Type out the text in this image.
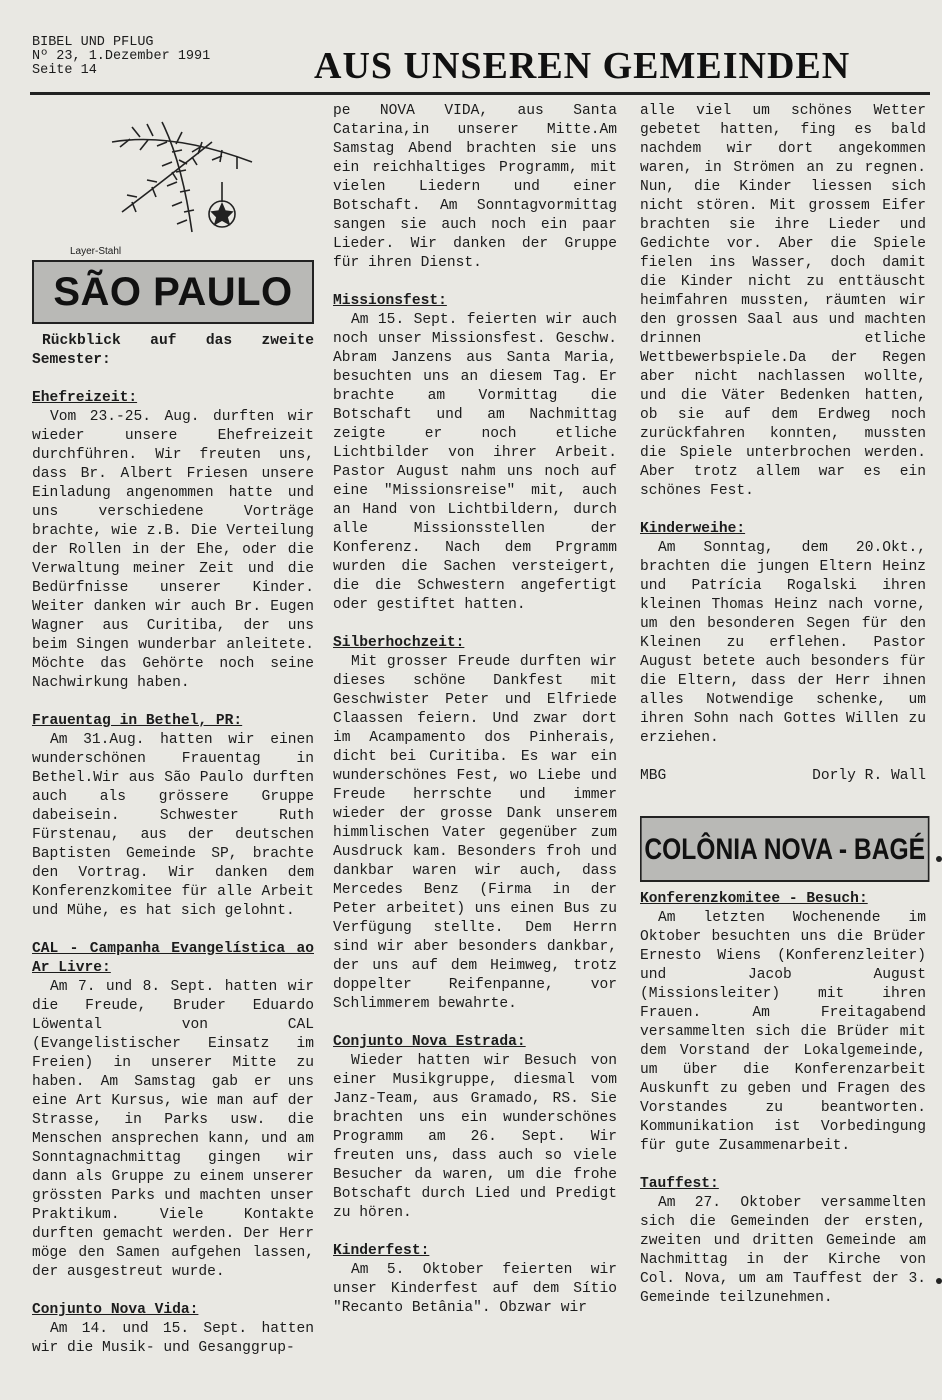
BIBEL UND PFLUG
Nº 23, 1.Dezember 1991
Seite 14	AUS UNSEREN GEMEINDEN
Layer-Stahl
SÃO PAULO
Rückblick auf das zweite Semester:
Ehefreizeit:

Vom 23.-25. Aug. durften wir wieder unsere Ehefreizeit durchführen. Wir freuten uns, dass Br. Albert Friesen unsere Einladung angenommen hatte und uns verschiedene Vorträge brachte, wie z.B. Die Verteilung der Rollen in der Ehe, oder die Verwaltung meiner Zeit und die Bedürfnisse unserer Kinder. Weiter danken wir auch Br. Eugen Wagner aus Curitiba, der uns beim Singen wunderbar anleitete. Möchte das Gehörte noch seine Nachwirkung haben.

Frauentag in Bethel, PR:

Am 31.Aug. hatten wir einen wunderschönen Frauentag in Bethel.Wir aus São Paulo durften auch als grössere Gruppe dabeisein. Schwester Ruth Fürstenau, aus der deutschen Baptisten Gemeinde SP, brachte den Vortrag. Wir danken dem Konferenzkomitee für alle Arbeit und Mühe, es hat sich gelohnt.

CAL - Campanha Evangelística ao Ar Livre:

Am 7. und 8. Sept. hatten wir die Freude, Bruder Eduardo Löwental von CAL (Evangelistischer Einsatz im Freien) in unserer Mitte zu haben. Am Samstag gab er uns eine Art Kursus, wie man auf der Strasse, in Parks usw. die Menschen ansprechen kann, und am Sonntagnachmittag gingen wir dann als Gruppe zu einem unserer grössten Parks und machten unser Praktikum. Viele Kontakte durften gemacht werden. Der Herr möge den Samen aufgehen lassen, der ausgestreut wurde.

Conjunto Nova Vida:

Am 14. und 15. Sept. hatten wir die Musik- und Gesanggrup-

pe NOVA VIDA, aus Santa Catarina,in unserer Mitte.Am Samstag Abend brachten sie uns ein reichhaltiges Programm, mit vielen Liedern und einer Botschaft. Am Sonntagvormittag sangen sie auch noch ein paar Lieder. Wir danken der Gruppe für ihren Dienst.

Missionsfest:

Am 15. Sept. feierten wir auch noch unser Missionsfest. Geschw. Abram Janzens aus Santa Maria, besuchten uns an diesem Tag. Er brachte am Vormittag die Botschaft und am Nachmittag zeigte er noch etliche Lichtbilder von ihrer Arbeit. Pastor August nahm uns noch auf eine "Missionsreise" mit, auch an Hand von Lichtbildern, durch alle Missionsstellen der Konferenz. Nach dem Prgramm wurden die Sachen versteigert, die die Schwestern angefertigt oder gestiftet hatten.

Silberhochzeit:

Mit grosser Freude durften wir dieses schöne Dankfest mit Geschwister Peter und Elfriede Claassen feiern. Und zwar dort im Acampamento dos Pinherais, dicht bei Curitiba. Es war ein wunderschönes Fest, wo Liebe und Freude herrschte und immer wieder der grosse Dank unserem himmlischen Vater gegenüber zum Ausdruck kam. Besonders froh und dankbar waren wir auch, dass Mercedes Benz (Firma in der Peter arbeitet) uns einen Bus zu Verfügung stellte. Dem Herrn sind wir aber besonders dankbar, der uns auf dem Heimweg, trotz doppelter Reifenpanne, vor Schlimmerem bewahrte.

Conjunto Nova Estrada:

Wieder hatten wir Besuch von einer Musikgruppe, diesmal vom Janz-Team, aus Gramado, RS. Sie brachten uns ein wunderschönes Programm am 26. Sept. Wir freuten uns, dass auch so viele Besucher da waren, um die frohe Botschaft durch Lied und Predigt zu hören.

Kinderfest:

Am 5. Oktober feierten wir unser Kinderfest auf dem Sítio "Recanto Betânia". Obzwar wir

alle viel um schönes Wetter gebetet hatten, fing es bald nachdem wir dort angekommen waren, in Strömen an zu regnen. Nun, die Kinder liessen sich nicht stören. Mit grossem Eifer brachten sie ihre Lieder und Gedichte vor. Aber die Spiele fielen ins Wasser, doch damit die Kinder nicht zu enttäuscht heimfahren mussten, räumten wir den grossen Saal aus und machten drinnen etliche Wettbewerbspiele.Da der Regen aber nicht nachlassen wollte, und die Väter Bedenken hatten, ob sie auf dem Erdweg noch zurückfahren konnten, mussten die Spiele unterbrochen werden. Aber trotz allem war es ein schönes Fest.

Kinderweihe:

Am Sonntag, dem 20.Okt., brachten die jungen Eltern Heinz und Patrícia Rogalski ihren kleinen Thomas Heinz nach vorne, um den besonderen Segen für den Kleinen zu erflehen. Pastor August betete auch besonders für die Eltern, dass der Herr ihnen alles Notwendige schenke, um ihren Sohn nach Gottes Willen zu erziehen.

MBG	Dorly R. Wall
COLÔNIA NOVA - BAGÉ
Konferenzkomitee - Besuch:

Am letzten Wochenende im Oktober besuchten uns die Brüder Ernesto Wiens (Konferenzleiter) und Jacob August (Missionsleiter) mit ihren Frauen. Am Freitagabend versammelten sich die Brüder mit dem Vorstand der Lokalgemeinde, um über die Konferenzarbeit Auskunft zu geben und Fragen des Vorstandes zu beantworten. Kommunikation ist Vorbedingung für gute Zusammenarbeit.

Tauffest:

Am 27. Oktober versammelten sich die Gemeinden der ersten, zweiten und dritten Gemeinde am Nachmittag in der Kirche von Col. Nova, um am Tauffest der 3. Gemeinde teilzunehmen.
